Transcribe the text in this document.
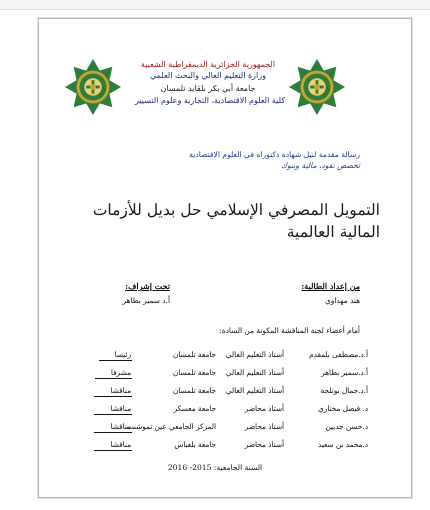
الجمهورية الجزائرية الديمقراطية الشعبية
وزارة التعليم العالي والبحث العلمي
جامعة أبي بكر بلقايد تلمسان
كلية العلوم الاقتصادية، التجارية وعلوم التسيير
رسالة مقدمة لنيل شهادة دكتوراه في العلوم الاقتصادية
تخصص نقود، مالية وبنوك
التمويل المصرفي الإسلامي حل بديل للأزمات المالية العالمية
من إعداد الطالبة:
هند مهداوي
تحت إشراف:
أ.د سمير بطاهر
أمام أعضاء لجنة المناقشة المكونة من السادة:
أ.د.مصطفى بلمقدم
أستاذ التعليم العالي
جامعة تلمسان
رئيسا
أ.د.سمير بطاهر
أستاذ التعليم العالي
جامعة تلمسان
مشرفا
أ.د.جمال بوتلجة
أستاذ التعليم العالي
جامعة تلمسان
مناقشا
د. فيصل مختاري
أستاذ محاضر
جامعة معسكر
مناقشا
د.حسن جديين
أستاذ محاضر
المركز الجامعي عين تموشنت
مناقشا
د.محمد بن سعيد
أستاذ محاضر
جامعة بلعباس
مناقشا
السنة الجامعية: 2015- 2016
